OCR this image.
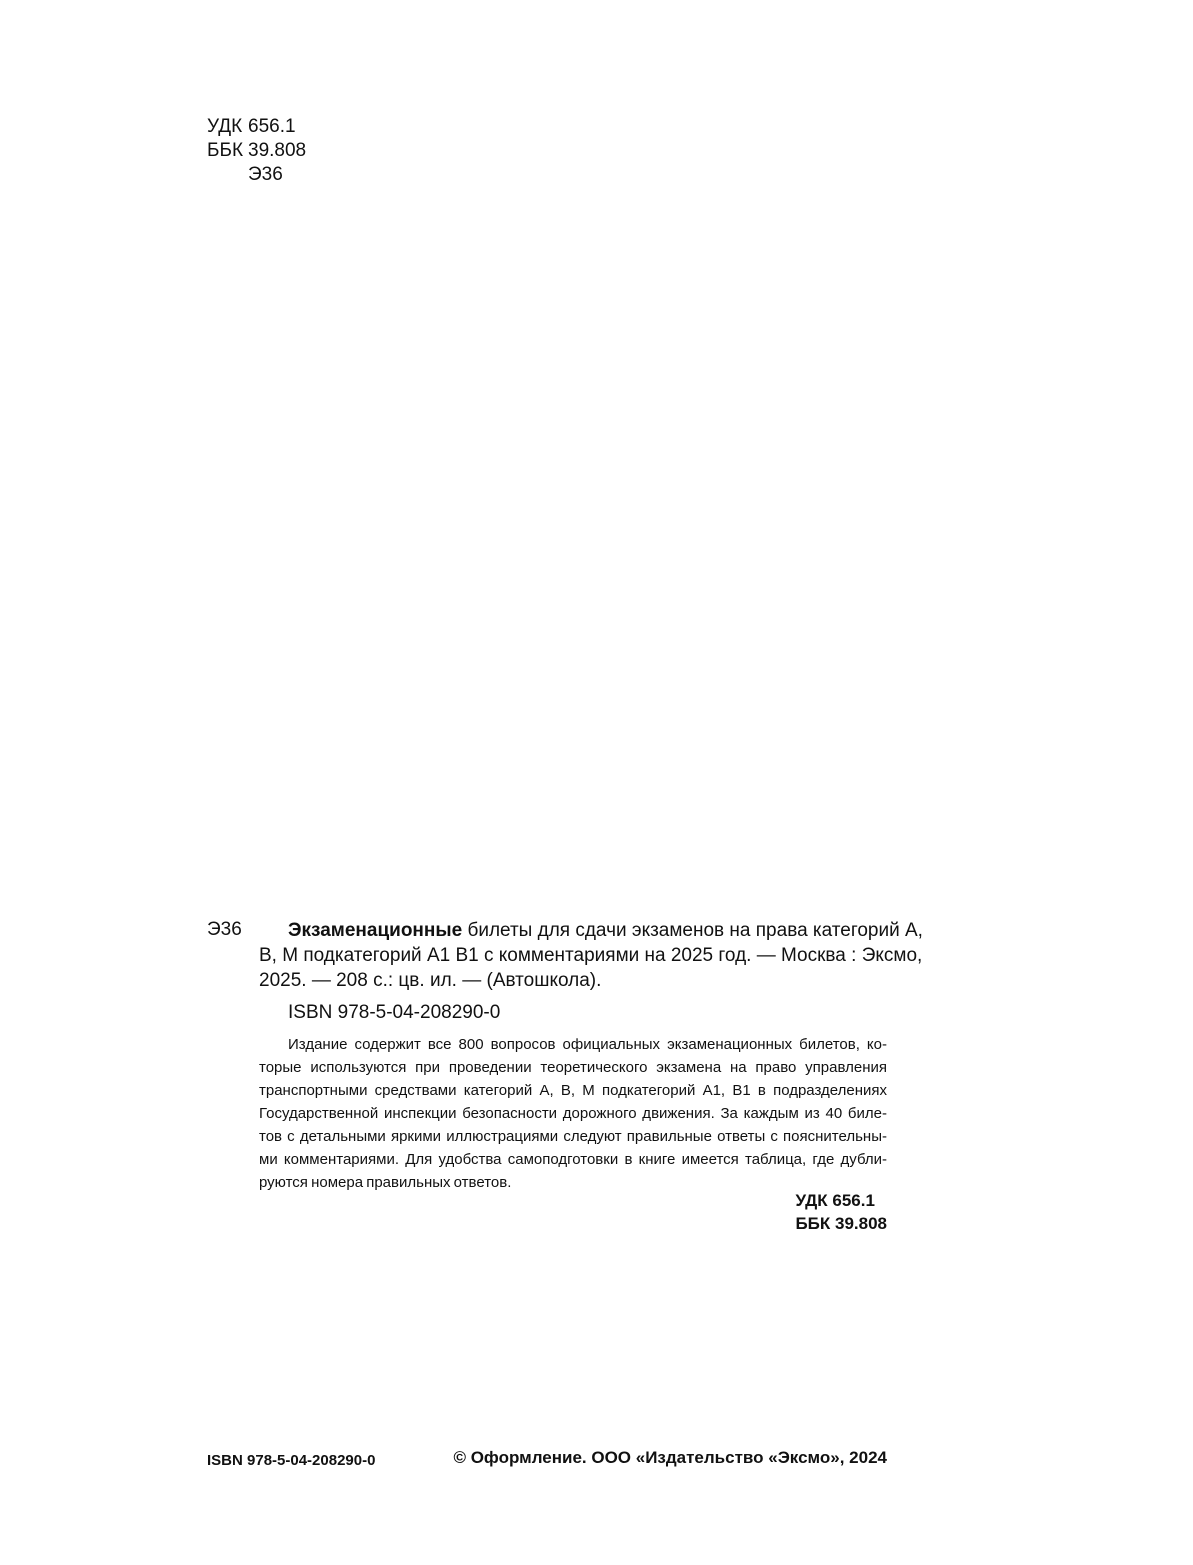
УДК 656.1
ББК 39.808
Э36
Э36	Экзаменационные билеты для сдачи экзаменов на права категорий А,
В, М подкатегорий А1 В1 с комментариями на 2025 год. — Москва : Эксмо,
2025. — 208 с.: цв. ил. — (Автошкола).
ISBN 978-5-04-208290-0
Издание содержит все 800 вопросов официальных экзаменационных билетов, ко-
торые используются при проведении теоретического экзамена на право управления
транспортными средствами категорий А, В, М подкатегорий А1, В1 в подразделениях
Государственной инспекции безопасности дорожного движения. За каждым из 40 биле-
тов с детальными яркими иллюстрациями следуют правильные ответы с пояснительны-
ми комментариями. Для удобства самоподготовки в книге имеется таблица, где дубли-
руются номера правильных ответов.
УДК 656.1
ББК 39.808
ISBN 978-5-04-208290-0	© Оформление. ООО «Издательство «Эксмо», 2024
